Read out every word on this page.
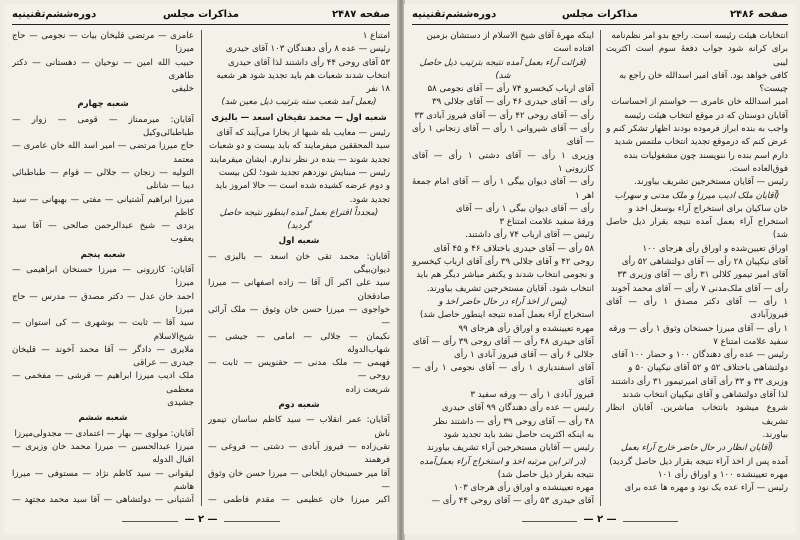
صفحه ۲۴۸۷
مذاکرات مجلس
دوره‌ششم‌تقنینیه

امتناع ۱

رئیس — عده ۸ رأی دهندگان ۱۰۳ آقای حیدری

۵۳ آقای روحی ۴۴ رأی داشتند لذا آقای حیدری

انتخاب شدند شعبات هم باید تجدید شود هر شعبه

۱۸ نفر

(بعمل آمد شعب سته بترتیب ذیل معین شد)

شعبه اول — محمد تقیخان اسعد — بالیزی

رئیس — معایب بله شبها از بخارا می‌آیند که آقای

سید المحققین میفرمایند که باید بیست و دو شعبات

تجدید شوند — بنده در نظر ندارم. ایشان میفرمایند

رئیس — مبنایش نوزدهم تجدید شود؛ لکن بیست

و دوم عرضه کشیده شده است — حالا امروز باید

تجدید شود.

(مجدداً اقتراع بعمل آمده اینطور نتیجه حاصل گردید)

شعبه اول

آقایان: محمد تقی خان اسعد — بالیزی — دیوان‌بیگی

سید علی اکبر آل آقا — زاده اصفهانی — میرزا صادقخان

خواجوی — میرزا حسن خان وثوق — ملک آرائی —

نکیمان — جلالی — امامی — جیشی — شهاب‌الدوله

فهیمی — ملک مدنی — حقنویس — ثابت — روحی —

شریعت زاده

شعبه دوم

آقایان: عمر انقلاب — سید کاظم ساسان تیمور ناش

تقی‌زاده — فیروز آبادی — دشتی — فروغی — فرهمند

آقا میر حسینخان ایلخانی — میرزا حسن خان وثوق —

اکبر میرزا خان عظیمی — مقدم فاطمی —

عامری — مرتضی قلیخان بیات — نجومی — حاج میرزا

حبیب الله امین — نوحیان — دهستانی — دکتر طاهری

خلیفی

شعبه چهارم

آقایان: میرممتاز — قومی — زوار — طباطبائی‌وکیل

حاج میرزا مرتضی — امیر اسد الله خان عامری — معتمد

التولیه — زنجان — جلالی — قوام — طباطبائی دیبا — شانلی

میرزا ابراهیم آشتیانی — مفتی — بهبهانی — سید کاظم

یزدی — شیخ عبدالرحمن صالحی — آقا سید یعقوب

شعبه پنجم

آقایان: کازرونی — میرزا حسنخان ابراهیمی — میرزا

احمد خان عدل — دکتر مصدق — مدرس — حاج میرزا

سید آقا — ثابت — بوشهری — کی استوان — شیخ‌الاسلام

ملایری — دادگر — آقا محمد آخوند — قلیخان جیدری — عراقی

ملک ادیب میرزا ابراهیم — قرشی — مفخمی — معظمی

جشیدی

شعبه ششم

آقایان: مولوی — بهار — اعتمادی — مجدولی‌میرزا

میرزا عبدالحسین — میرزا محمد خان وزیری — اقبال الدوله

لیقوانی — سید کاظم نژاد — مستوفی — میرزا هاشم

آشتیانی — دولتشاهی — آقا سید محمد مجتهد —

— ۲ —
صفحه ۲۴۸۶
مذاکرات مجلس
دوره‌ششم‌تقنینیه

انتخابات هیئت رئیسه است. راجع بدو امر نظم‌نامه

برای کرانه شود جواب دفعهٔ سوم است اکثریت لیبی

کافی خواهد بود. آقای امیر اسدالله خان راجع به

چیست؟

امیر اسدالله خان عامری — خواستم از احساسات

آقایان دوستان که در موقع انتخاب هیئت رئیسه

واجب به بنده ابراز فرموده بودند اظهار تشکر کنم و

عرض کنم که درموقع تجدید انتخاب ملتمس شدید

دارم اسم بنده را ننویسند چون مشغولیات بنده

فوق‌العاده است.

رئیس — آقایان مستخرجین تشریف بیاورند.

(آقایان ملک ادیب میرزا و ملک مدنی و سهراب

خان ساکیان برای استخراج آراء بوسعل اخذ و

استخراج آراء بعمل آمده نتیجه بقرار ذیل حاصل شد)

اوراق تعیین‌شده و اوراق رأی هرجای ۱۰۰

آقای نیکپیان ۲۸ رأی — آقای دولتشاهی ۵۲ رأی

آقای امیر تیمور کلالی ۳۱ رأی — آقای وزیری ۳۳

رأی — آقای ملک‌مدنی ۷ رأی — آقای محمد آخوند

۱ رأی — آقای دکتر مصدق ۱ رأی — آقای فیروزآبادی

۱ رأی — آقای میرزا حسنخان وثوق ۱ رأی — ورقه

سفید علامت امتناع ۷

رئیس — عده رأی دهندگان ۱۰۰ و حضار ۱۰۰ آقای

دولتشاهی باختلاف ۵۲ و ۵۲ آقای نیکپیان ۵۰ و

وزیری ۳۳ و ۳۳ رأی آقای امیرتیمور ۳۱ رأی داشتند

لذا آقای دولتشاهی و آقای نیکپیان انتخاب شدند

شروع میشود بانتخاب مباشرین. آقایان انظار تشریف

بیاورند.

(آقایان انظار در حال حاضر خارج آراء بعمل

آمده پس از اخذ آراء نتیجه بقرار ذیل حاصل گردید)

مهره تعیینشده ۱۰۰ و اوراق رأی ۱۰۱

رئیس — آراء عده یک نود و مهره ها عده برای

اینکه مهرهٔ آقای شیخ الاسلام از دستشان بزمین

افتاده است

(قرائت آراء بعمل آمده نتیجه بترتیب ذیل حاصل شد)

آقای ارباب کیخسرو ۷۴ رأی — آقای نجومی ۵۸

رأی — آقای حیدری ۴۶ رأی — آقای جلالی ۳۹

رأی — آقای روحی ۴۲ رأی — آقای فیروز آبادی ۳۳

رأی — آقای شیروانی ۱ رأی — آقای زنجانی ۱ رأی — آقای

وزیری ۱ رأی — آقای دشتی ۱ رأی — آقای کازرونی ۱

رأی — آقای دیوان بیگی ۱ رأی — آقای امام جمعهٔ اهر ۱

رأی — آقای دیوان بیگی ۱ رأی — آقای

ورقهٔ سفید علامت امتناع ۳

رئیس — آقای ارباب ۷۴ رأی داشتند.

۵۸ رأی — آقای حیدری باختلاف ۴۶ و ۴۵ آقای

روحی ۴۲ و آقای جلالی ۳۹ رأی آقای ارباب کیخسرو

و نجومی انتخاب شدند و یکنفر مباشر دیگر هم باید

انتخاب شود. آقایان مستخرجین تشریف بیاورند.

(پس از اخذ آراء در حال حاضر اخذ و

استخراج آراء بعمل آمده نتیجه اینطور حاصل شد)

مهره تعیینشده و اوراق رأی هرجای ۹۹

آقای حیدری ۴۸ رأی — آقای روحی ۳۹ رأی — آقای

جلالی ۶ رأی — آقای فیروز آبادی ۱ رأی

آقای اسفندیاری ۱ رأی — آقای نجومی ۱ رأی — آقای

فیروز آبادی ۱ رأی — ورقه سفید ۳

رئیس — عده رأی دهندگان ۹۹ آقای حیدری

۴۸ رأی — آقای روحی ۳۹ رأی — داشتند نظر

به اینکه اکثریت حاصل نشد باید تجدید شود

رئیس — آقایان مستخرجین آراء تشریف بیاورند

(در اثر این مرتبه اخذ و استخراج آراء بعمل‌آمده

نتیجه بقرار ذیل حاصل شد)

مهره تعیینشده و اوراق رأی هرجای ۱۰۳

آقای حیدری ۵۳ رأی — آقای روحی ۴۴ رأی —

— ۲ —
